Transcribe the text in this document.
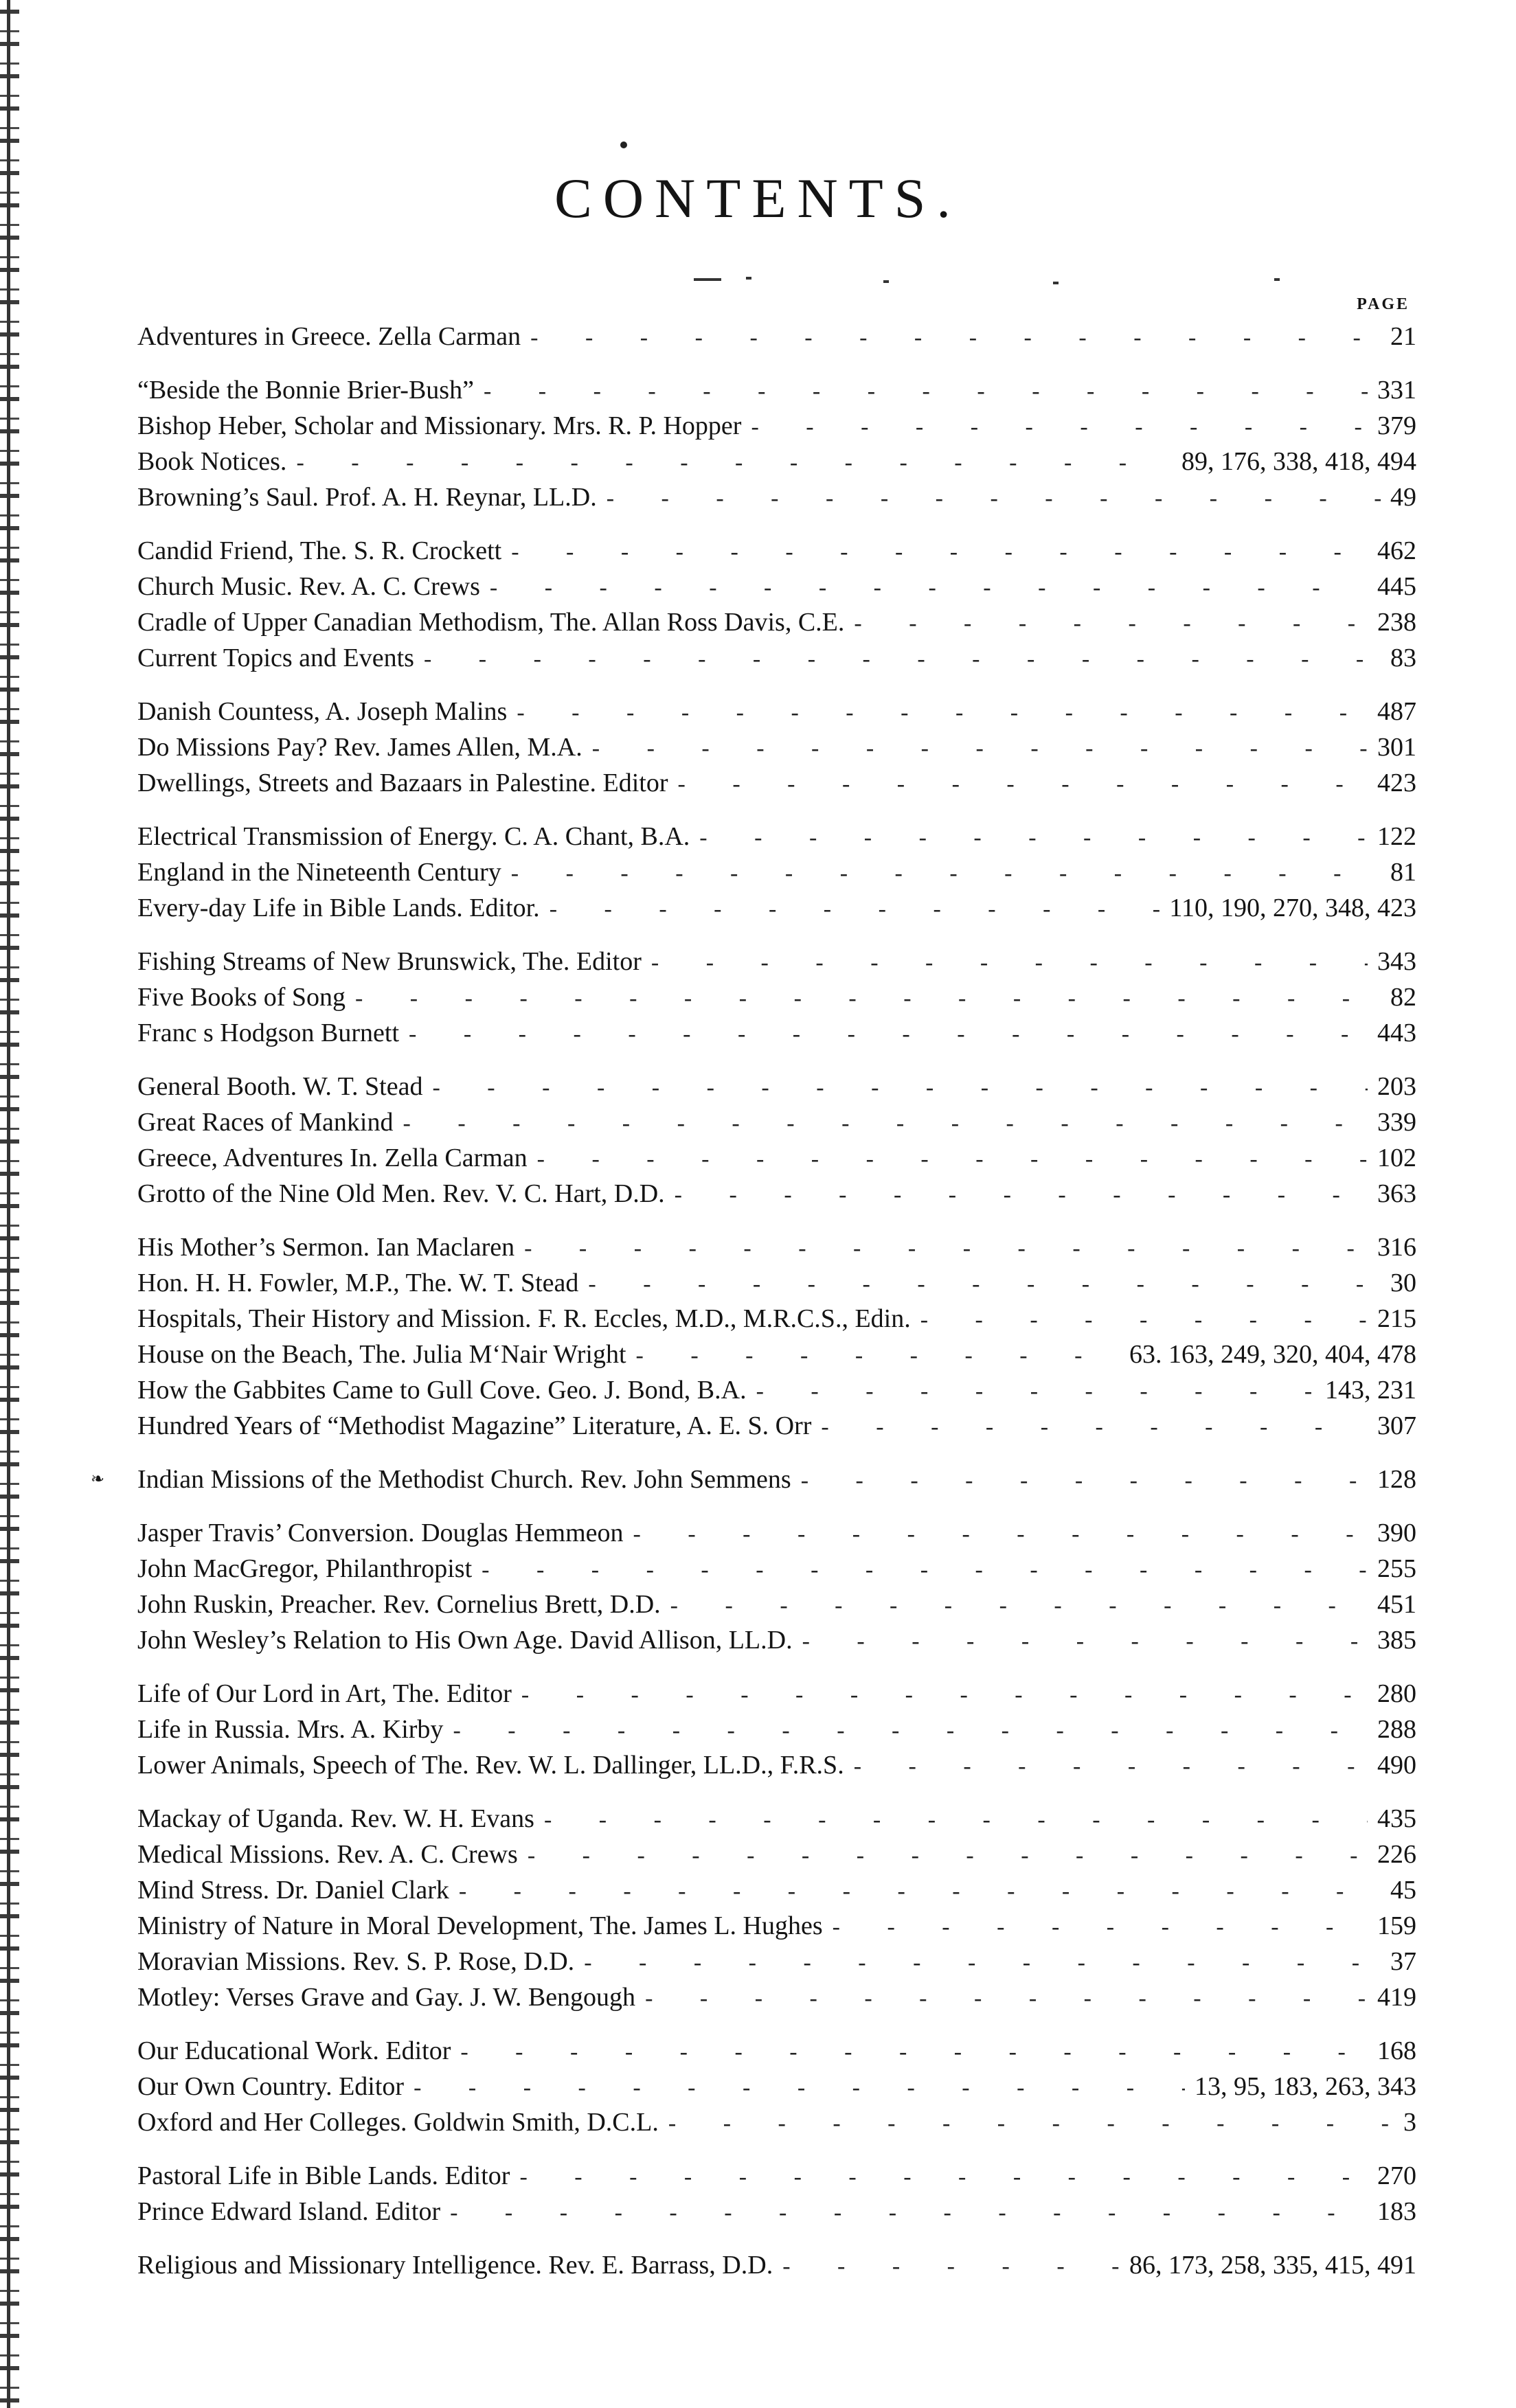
CONTENTS.
PAGE
Adventures in Greece. Zella Carman - - -	21
“Beside the Bonnie Brier-Bush” - - -	331
Bishop Heber, Scholar and Missionary. Mrs. R. P. Hopper - - -	379
Book Notices. - - -	89, 176, 338, 418, 494
Browning’s Saul. Prof. A. H. Reynar, LL.D. - - -	49
Candid Friend, The. S. R. Crockett - - -	462
Church Music. Rev. A. C. Crews - - -	445
Cradle of Upper Canadian Methodism, The. Allan Ross Davis, C.E. - - -	238
Current Topics and Events - - -	83
Danish Countess, A. Joseph Malins - - -	487
Do Missions Pay? Rev. James Allen, M.A. - - -	301
Dwellings, Streets and Bazaars in Palestine. Editor - - -	423
Electrical Transmission of Energy. C. A. Chant, B.A. - - -	122
England in the Nineteenth Century - - -	81
Every-day Life in Bible Lands. Editor. - - -	110, 190, 270, 348, 423
Fishing Streams of New Brunswick, The. Editor - - -	343
Five Books of Song - - -	82
Franc s Hodgson Burnett - - -	443
General Booth. W. T. Stead - - -	203
Great Races of Mankind - - -	339
Greece, Adventures In. Zella Carman - - -	102
Grotto of the Nine Old Men. Rev. V. C. Hart, D.D. - - -	363
His Mother’s Sermon. Ian Maclaren - - -	316
Hon. H. H. Fowler, M.P., The. W. T. Stead - - -	30
Hospitals, Their History and Mission. F. R. Eccles, M.D., M.R.C.S., Edin. - - -	215
House on the Beach, The. Julia M‘Nair Wright - - -	63. 163, 249, 320, 404, 478
How the Gabbites Came to Gull Cove. Geo. J. Bond, B.A. - - -	143, 231
Hundred Years of “Methodist Magazine” Literature, A. E. S. Orr - - -	307
❧ Indian Missions of the Methodist Church. Rev. John Semmens - - -	128
Jasper Travis’ Conversion. Douglas Hemmeon - - -	390
John MacGregor, Philanthropist - - -	255
John Ruskin, Preacher. Rev. Cornelius Brett, D.D. - - -	451
John Wesley’s Relation to His Own Age. David Allison, LL.D. - - -	385
Life of Our Lord in Art, The. Editor - - -	280
Life in Russia. Mrs. A. Kirby - - -	288
Lower Animals, Speech of The. Rev. W. L. Dallinger, LL.D., F.R.S. - - -	490
Mackay of Uganda. Rev. W. H. Evans - - -	435
Medical Missions. Rev. A. C. Crews - - -	226
Mind Stress. Dr. Daniel Clark - - -	45
Ministry of Nature in Moral Development, The. James L. Hughes - - -	159
Moravian Missions. Rev. S. P. Rose, D.D. - - -	37
Motley: Verses Grave and Gay. J. W. Bengough - - -	419
Our Educational Work. Editor - - -	168
Our Own Country. Editor - - -	13, 95, 183, 263, 343
Oxford and Her Colleges. Goldwin Smith, D.C.L. - - -	3
Pastoral Life in Bible Lands. Editor - - -	270
Prince Edward Island. Editor - - -	183
Religious and Missionary Intelligence. Rev. E. Barrass, D.D. - - -	86, 173, 258, 335, 415, 491
